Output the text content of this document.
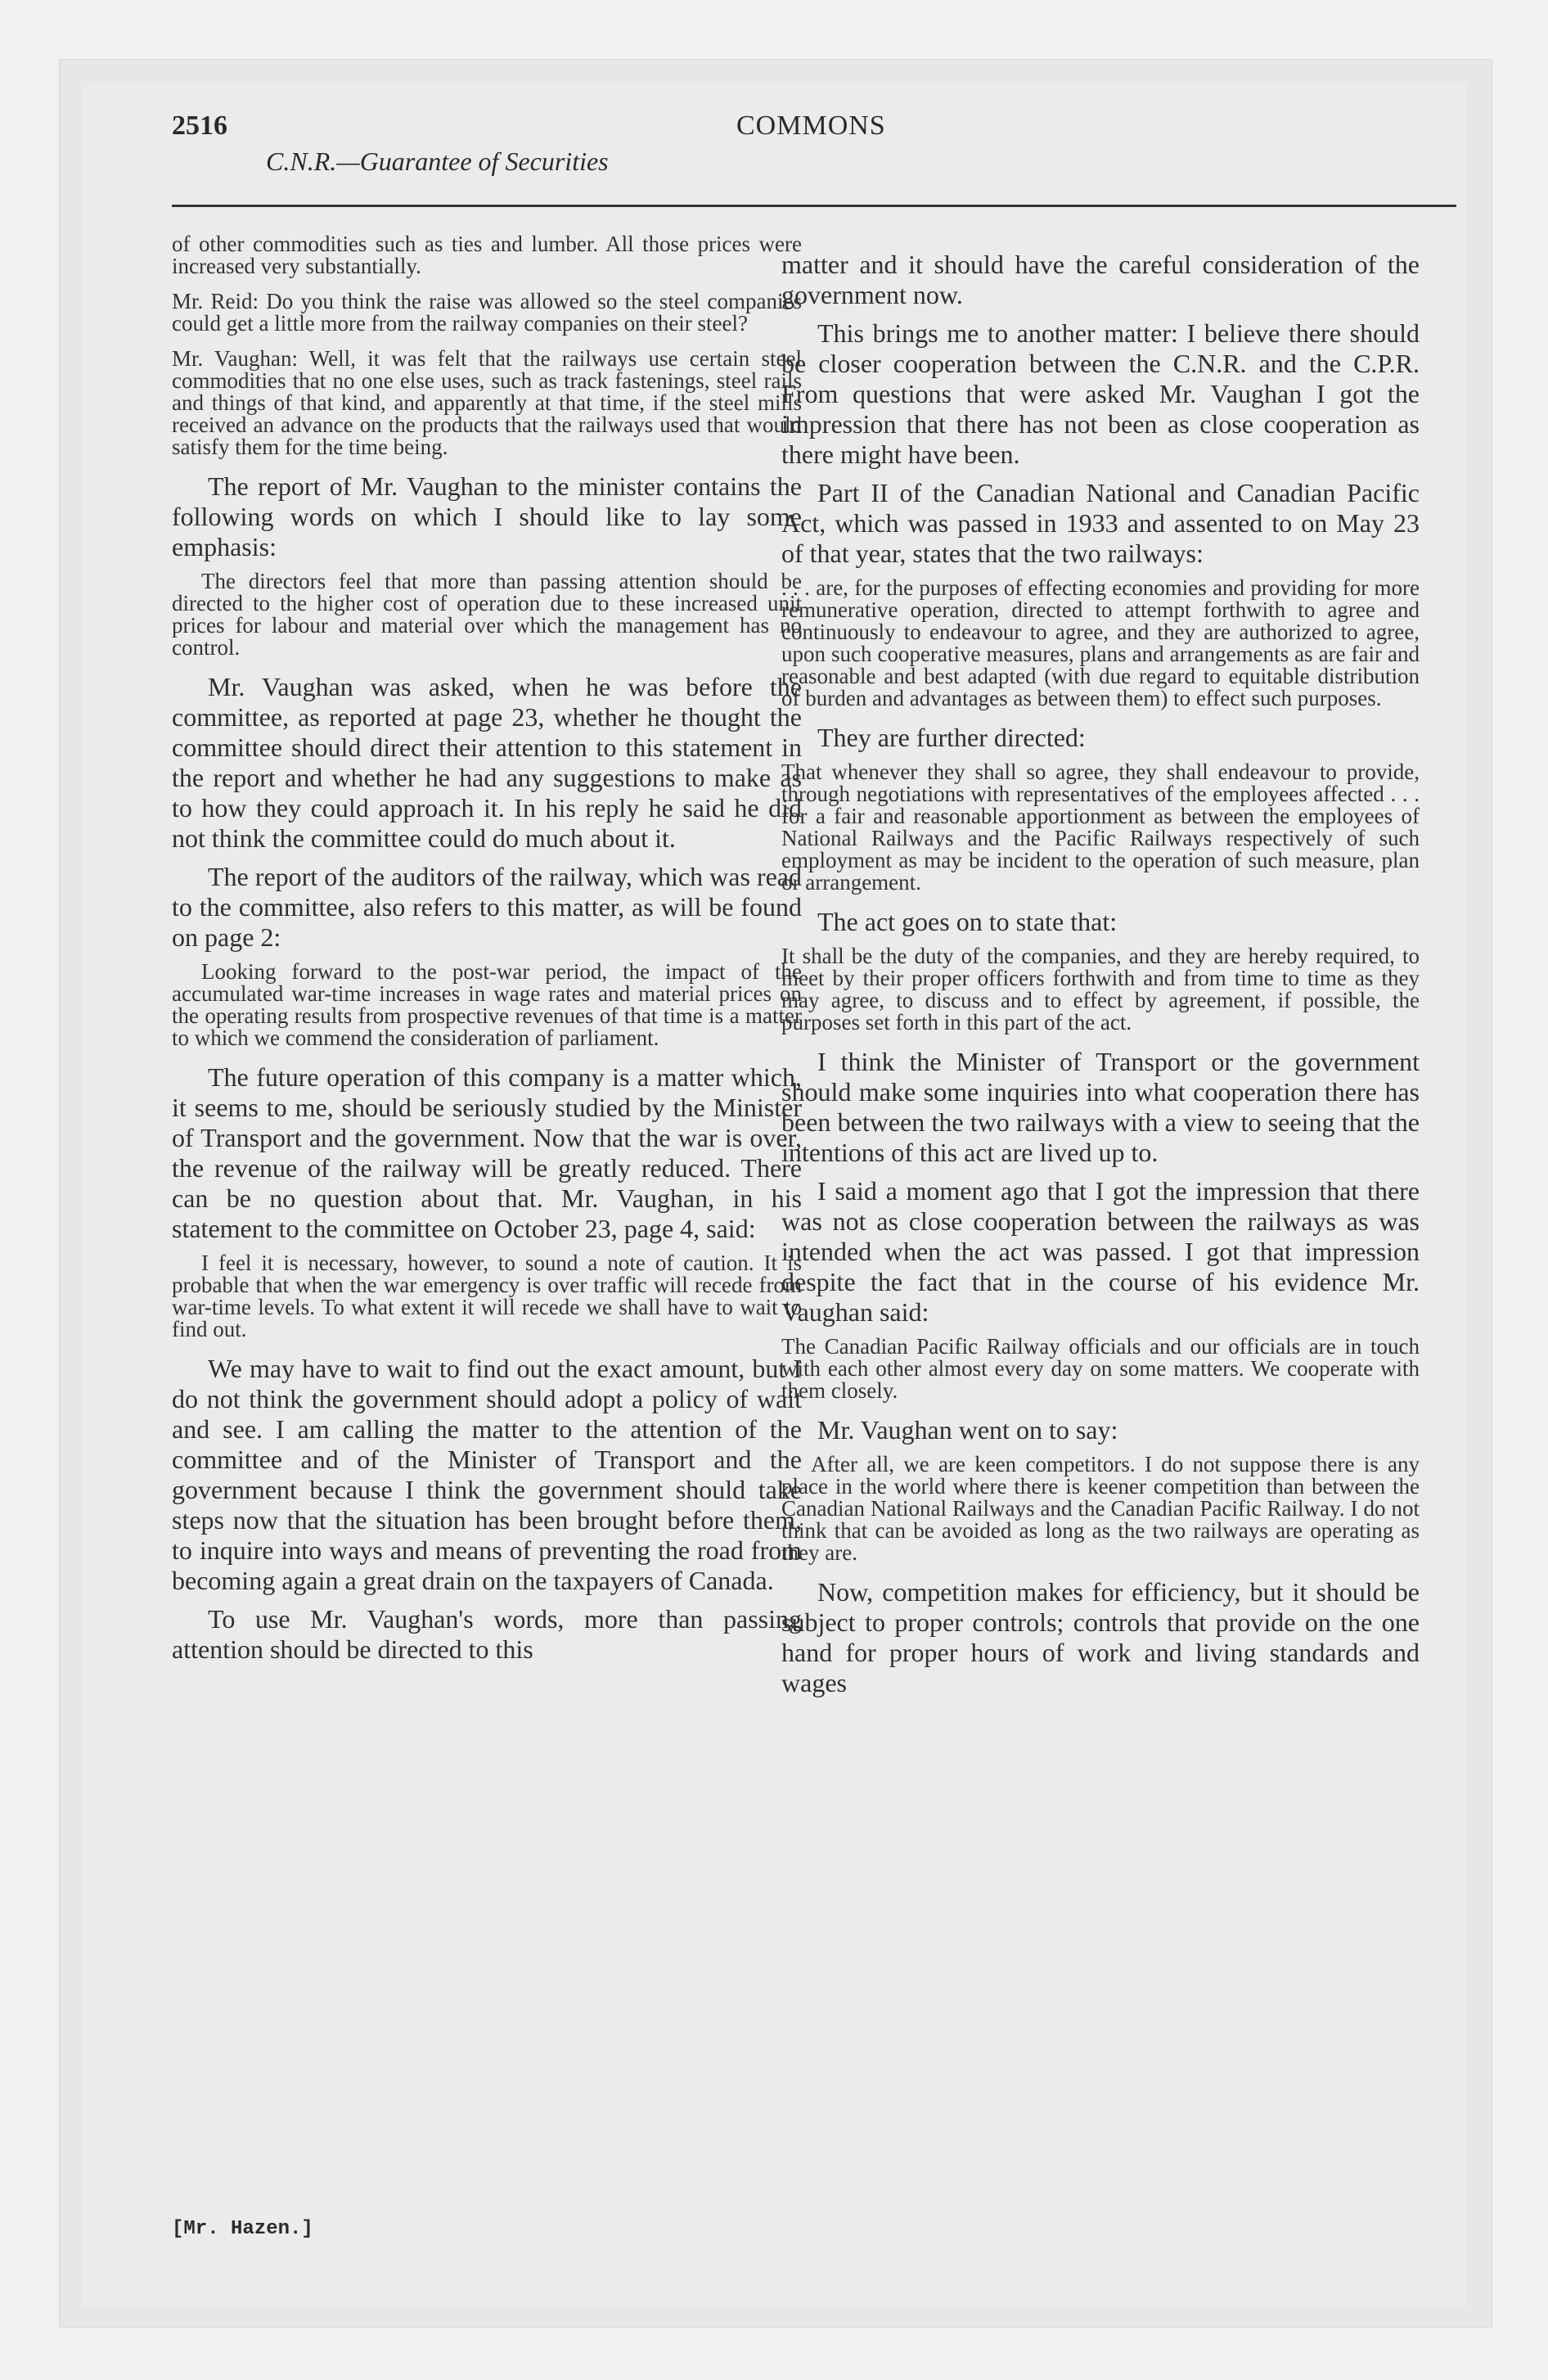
2516	COMMONS
C.N.R.—Guarantee of Securities

of other commodities such as ties and lumber. All those prices were increased very substantially.

Mr. Reid: Do you think the raise was allowed so the steel companies could get a little more from the railway companies on their steel?

Mr. Vaughan: Well, it was felt that the railways use certain steel commodities that no one else uses, such as track fastenings, steel rails and things of that kind, and apparently at that time, if the steel mills received an advance on the products that the railways used that would satisfy them for the time being.

The report of Mr. Vaughan to the minister contains the following words on which I should like to lay some emphasis:

The directors feel that more than passing attention should be directed to the higher cost of operation due to these increased unit prices for labour and material over which the management has no control.

Mr. Vaughan was asked, when he was before the committee, as reported at page 23, whether he thought the committee should direct their attention to this statement in the report and whether he had any suggestions to make as to how they could approach it. In his reply he said he did not think the committee could do much about it.

The report of the auditors of the railway, which was read to the committee, also refers to this matter, as will be found on page 2:

Looking forward to the post-war period, the impact of the accumulated war-time increases in wage rates and material prices on the operating results from prospective revenues of that time is a matter to which we commend the consideration of parliament.

The future operation of this company is a matter which, it seems to me, should be seriously studied by the Minister of Transport and the government. Now that the war is over, the revenue of the railway will be greatly reduced. There can be no question about that. Mr. Vaughan, in his statement to the committee on October 23, page 4, said:

I feel it is necessary, however, to sound a note of caution. It is probable that when the war emergency is over traffic will recede from war-time levels. To what extent it will recede we shall have to wait to find out.

We may have to wait to find out the exact amount, but I do not think the government should adopt a policy of wait and see. I am calling the matter to the attention of the committee and of the Minister of Transport and the government because I think the government should take steps now that the situation has been brought before them, to inquire into ways and means of preventing the road from becoming again a great drain on the taxpayers of Canada.

To use Mr. Vaughan's words, more than passing attention should be directed to this

matter and it should have the careful consideration of the government now.

This brings me to another matter: I believe there should be closer cooperation between the C.N.R. and the C.P.R. From questions that were asked Mr. Vaughan I got the impression that there has not been as close cooperation as there might have been.

Part II of the Canadian National and Canadian Pacific Act, which was passed in 1933 and assented to on May 23 of that year, states that the two railways:

. . . are, for the purposes of effecting economies and providing for more remunerative operation, directed to attempt forthwith to agree and continuously to endeavour to agree, and they are authorized to agree, upon such cooperative measures, plans and arrangements as are fair and reasonable and best adapted (with due regard to equitable distribution of burden and advantages as between them) to effect such purposes.

They are further directed:

That whenever they shall so agree, they shall endeavour to provide, through negotiations with representatives of the employees affected . . . for a fair and reasonable apportionment as between the employees of National Railways and the Pacific Railways respectively of such employment as may be incident to the operation of such measure, plan or arrangement.

The act goes on to state that:

It shall be the duty of the companies, and they are hereby required, to meet by their proper officers forthwith and from time to time as they may agree, to discuss and to effect by agreement, if possible, the purposes set forth in this part of the act.

I think the Minister of Transport or the government should make some inquiries into what cooperation there has been between the two railways with a view to seeing that the intentions of this act are lived up to.

I said a moment ago that I got the impression that there was not as close cooperation between the railways as was intended when the act was passed. I got that impression despite the fact that in the course of his evidence Mr. Vaughan said:

The Canadian Pacific Railway officials and our officials are in touch with each other almost every day on some matters. We cooperate with them closely.

Mr. Vaughan went on to say:

After all, we are keen competitors. I do not suppose there is any place in the world where there is keener competition than between the Canadian National Railways and the Canadian Pacific Railway. I do not think that can be avoided as long as the two railways are operating as they are.

Now, competition makes for efficiency, but it should be subject to proper controls; controls that provide on the one hand for proper hours of work and living standards and wages

[Mr. Hazen.]
